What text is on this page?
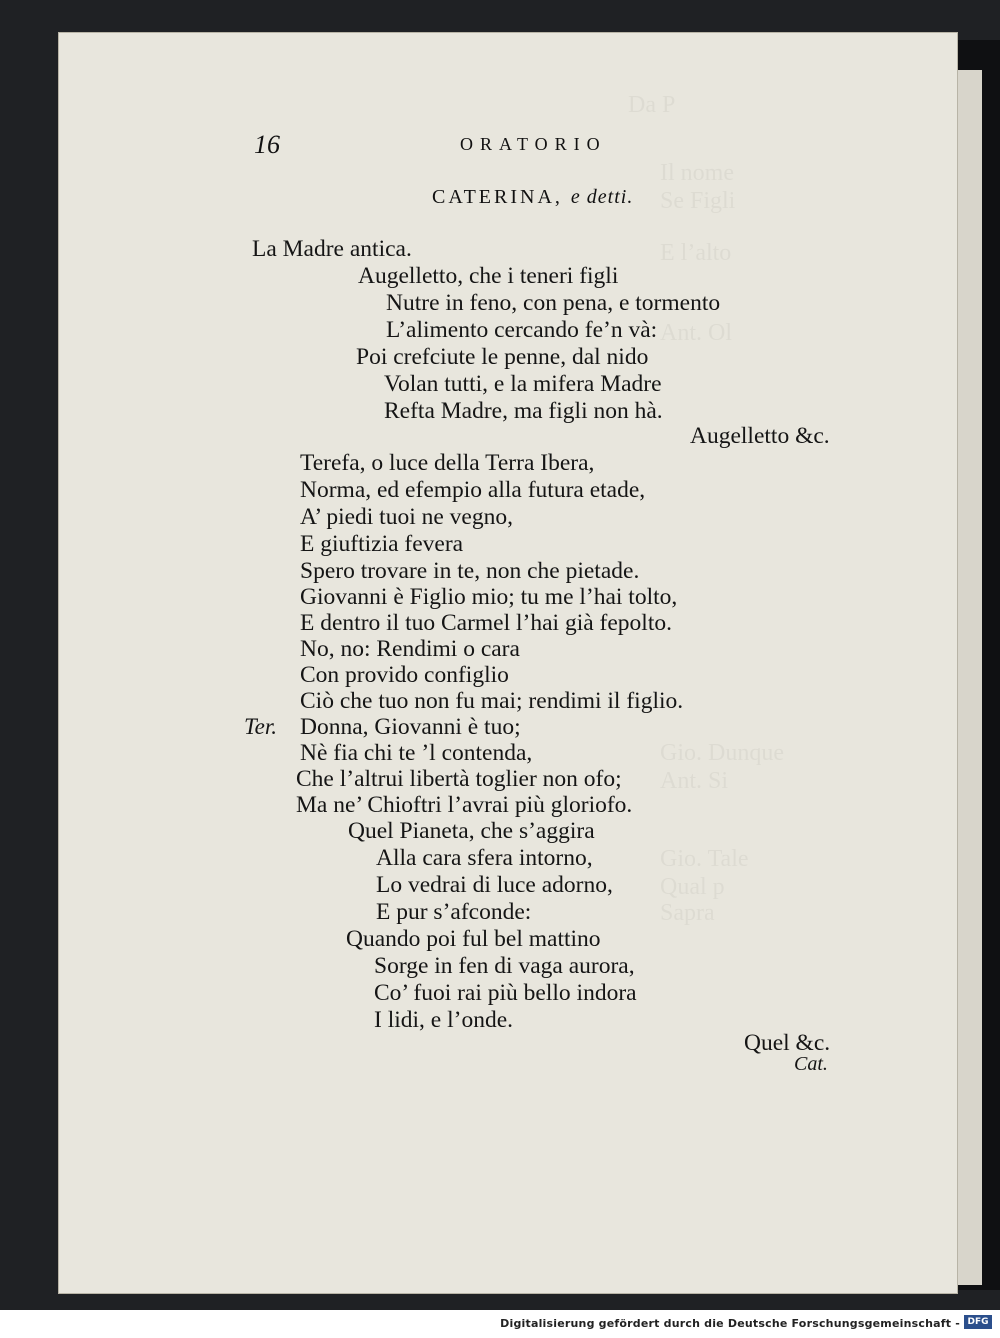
16	ORATORIO
CATERINA, e detti.
La Madre antica.
Augelletto, che i teneri figli
Nutre in feno, con pena, e tormento
L’alimento cercando fe’n và:
Poi crefciute le penne, dal nido
Volan tutti, e la mifera Madre
Refta Madre, ma figli non hà.
Augelletto &c.
Terefa, o luce della Terra Ibera,
Norma, ed efempio alla futura etade,
A’ piedi tuoi ne vegno,
E giuftizia fevera
Spero trovare in te, non che pietade.
Giovanni è Figlio mio; tu me l’hai tolto,
E dentro il tuo Carmel l’hai già fepolto.
No, no: Rendimi o cara
Con provido configlio
Ciò che tuo non fu mai; rendimi il figlio.
Ter. Donna, Giovanni è tuo;
Nè fia chi te ’l contenda,
Che l’altrui libertà toglier non ofo;
Ma ne’ Chioftri l’avrai più gloriofo.
Quel Pianeta, che s’aggira
Alla cara sfera intorno,
Lo vedrai di luce adorno,
E pur s’afconde:
Quando poi ful bel mattino
Sorge in fen di vaga aurora,
Co’ fuoi rai più bello indora
I lidi, e l’onde.
Quel &c.
Cat.
Digitalisierung gefördert durch die Deutsche Forschungsgemeinschaft - DFG
